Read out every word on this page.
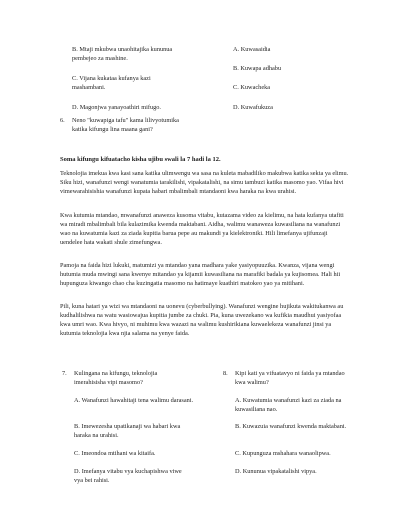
B. Mtaji mkubwa unaohitajika kununua pembejeo za mashine.
C. Vijana kukataa kufanya kazi mashambani.
D. Magonjwa yanayoathiri mifugo.
A. Kuwasaidia
B. Kuwapa adhabu
C. Kuwacheka
D. Kuwafukuza
6.	Neno "kuwapiga tafu" kama lilivyotumika katika kifungu lina maana gani?
Soma kifungu kifuatacho kisha ujibu swali la 7 hadi la 12.

Teknolojia imekua kwa kasi sana katika ulimwengu wa sasa na kuleta mabadiliko makubwa katika sekta ya elimu. Siku hizi, wanafunzi wengi wanatumia tarakilishi, vipakatalishi, na simu tambuzi katika masomo yao. Vifaa hivi vimewarahisishia wanafunzi kupata habari mbalimbali mtandaoni kwa haraka na kwa urahisi.

Kwa kutumia mtandao, mwanafunzi anaweza kusoma vitabu, kutazama video za kielimu, na hata kufanya utafiti wa miradi mbalimbali bila kulazimika kwenda maktabani. Aidha, walimu wanaweza kuwasiliana na wanafunzi wao na kuwatumia kazi za ziada kupitia barua pepe au makundi ya kielektroniki. Hili limefanya ujifunzaji uendelee hata wakati shule zimefungwa.

Pamoja na faida hizi lukuki, matumizi ya mtandao yana madhara yake yasiyopuuzika. Kwanza, vijana wengi hutumia muda mwingi sana kwenye mitandao ya kijamii kuwasiliana na marafiki badala ya kujisomea. Hali hii hupunguza kiwango chao cha kuzingatia masomo na hatimaye kuathiri matokeo yao ya mitihani.

Pili, kuna hatari ya wizi wa mtandaoni na uonevu (cyberbullying). Wanafunzi wengine hujikuta wakitukanwa au kudhalilishwa na watu wasiowajua kupitia jumbe za chuki. Pia, kuna uwezekano wa kufikia maudhui yasiyofaa kwa umri wao. Kwa hivyo, ni muhimu kwa wazazi na walimu kushirikiana kuwaelekeza wanafunzi jinsi ya kutumia teknolojia kwa njia salama na yenye faida.

7.	Kulingana na kifungu, teknolojia imerahisisha vipi masomo?
A. Wanafunzi hawahitaji tena walimu darasani.
B. Imewezesha upatikanaji wa habari kwa haraka na urahisi.
C. Imeondoa mtihani wa kitaifa.
D. Imefanya vitabu vya kuchapishwa viwe vya bei rahisi.
8.	Kipi kati ya vifuatavyo ni faida ya mtandao kwa walimu?
A. Kuwatumia wanafunzi kazi za ziada na kuwasiliana nao.
B. Kuwazuia wanafunzi kwenda maktabani.
C. Kupunguza mshahara wanaolipwa.
D. Kununua vipakatalishi vipya.
